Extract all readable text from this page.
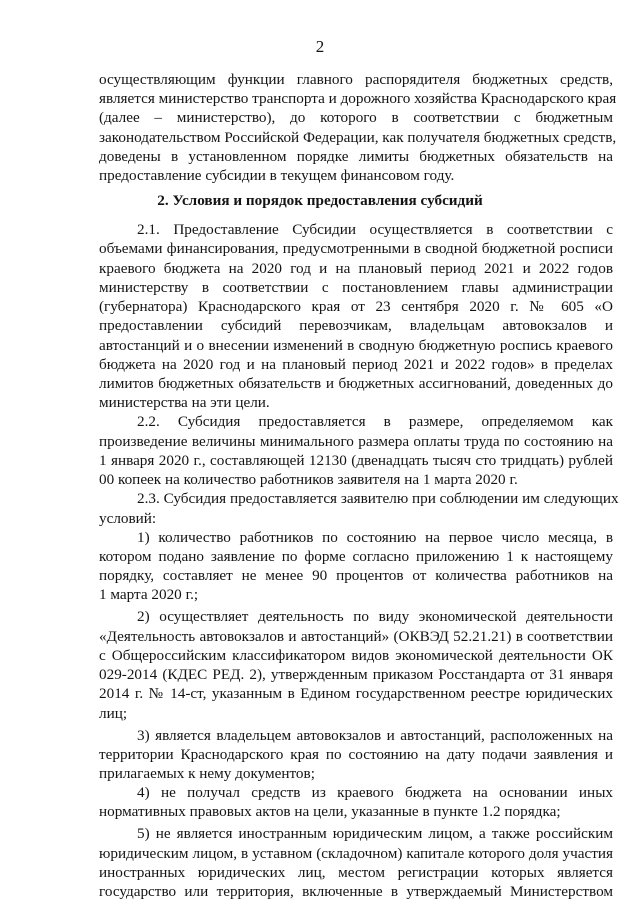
2
осуществляющим функции главного распорядителя бюджетных средств,
является министерство транспорта и дорожного хозяйства Краснодарского края
(далее – министерство), до которого в соответствии с бюджетным
законодательством Российской Федерации, как получателя бюджетных средств,
доведены в установленном порядке лимиты бюджетных обязательств на
предоставление субсидии в текущем финансовом году.
2. Условия и порядок предоставления субсидий
2.1. Предоставление Субсидии осуществляется в соответствии с
объемами финансирования, предусмотренными в сводной бюджетной росписи
краевого бюджета на 2020 год и на плановый период 2021 и 2022 годов
министерству в соответствии с постановлением главы администрации
(губернатора) Краснодарского края от 23 сентября 2020 г. № 605 «О
предоставлении субсидий перевозчикам, владельцам автовокзалов и
автостанций и о внесении изменений в сводную бюджетную роспись краевого
бюджета на 2020 год и на плановый период 2021 и 2022 годов» в пределах
лимитов бюджетных обязательств и бюджетных ассигнований, доведенных до
министерства на эти цели.
2.2. Субсидия предоставляется в размере, определяемом как
произведение величины минимального размера оплаты труда по состоянию на
1 января 2020 г., составляющей 12130 (двенадцать тысяч сто тридцать) рублей
00 копеек на количество работников заявителя на 1 марта 2020 г.
2.3. Субсидия предоставляется заявителю при соблюдении им следующих
условий:
1) количество работников по состоянию на первое число месяца, в
котором подано заявление по форме согласно приложению 1 к настоящему
порядку, составляет не менее 90 процентов от количества работников на
1 марта 2020 г.;
2) осуществляет деятельность по виду экономической деятельности
«Деятельность автовокзалов и автостанций» (ОКВЭД 52.21.21) в соответствии
с Общероссийским классификатором видов экономической деятельности ОК
029-2014 (КДЕС РЕД. 2), утвержденным приказом Росстандарта от 31 января
2014 г. № 14-ст, указанным в Едином государственном реестре юридических
лиц;
3) является владельцем автовокзалов и автостанций, расположенных на
территории Краснодарского края по состоянию на дату подачи заявления и
прилагаемых к нему документов;
4) не получал средств из краевого бюджета на основании иных
нормативных правовых актов на цели, указанные в пункте 1.2 порядка;
5) не является иностранным юридическим лицом, а также российским
юридическим лицом, в уставном (складочном) капитале которого доля участия
иностранных юридических лиц, местом регистрации которых является
государство или территория, включенные в утверждаемый Министерством
